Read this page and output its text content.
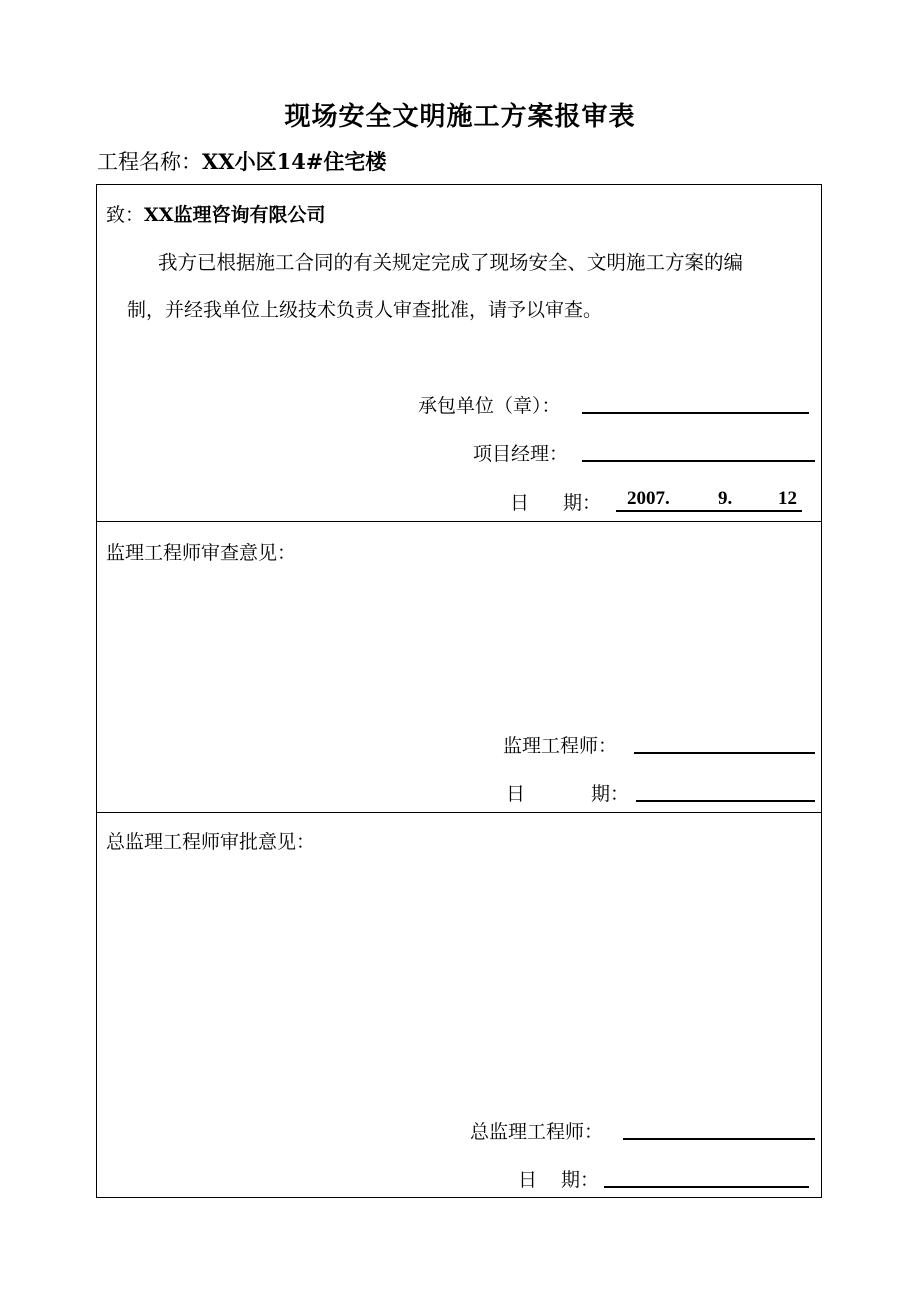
现场安全文明施工方案报审表
工程名称：XX小区14#住宅楼
致：XX监理咨询有限公司
我方已根据施工合同的有关规定完成了现场安全、文明施工方案的编
制，并经我单位上级技术负责人审查批准，请予以审查。
承包单位（章）：
项目经理：
日 期： 2007.	9. 12
监理工程师审查意见：
监理工程师：
日	期：
总监理工程师审批意见：
总监理工程师：
日 期：
